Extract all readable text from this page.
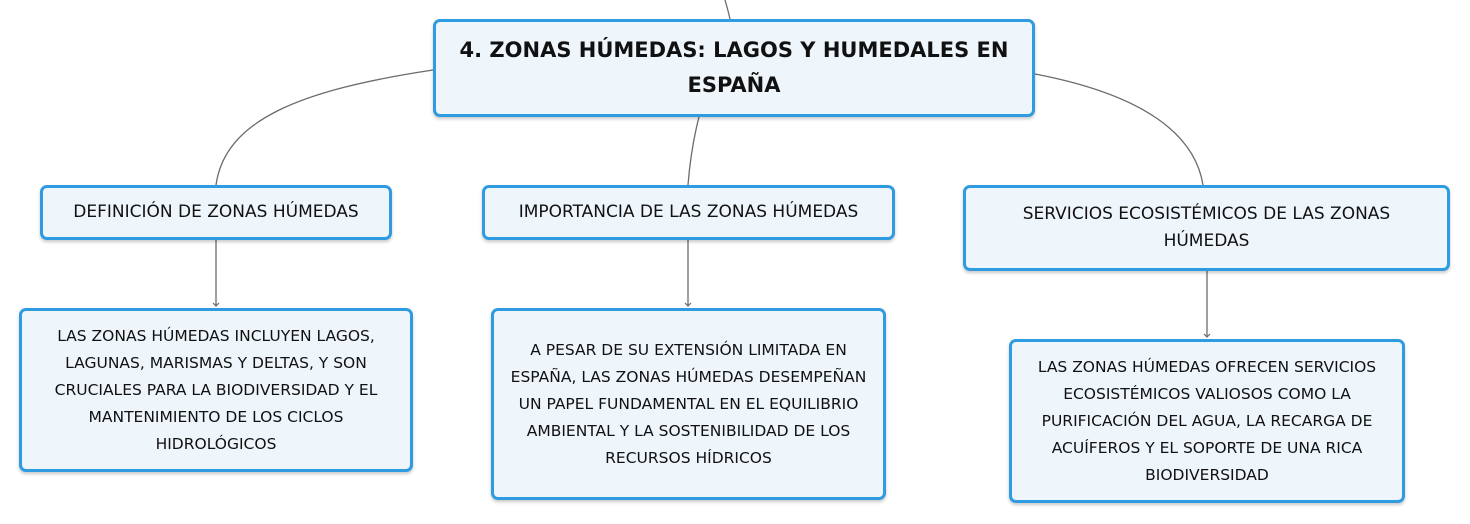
4. ZONAS HÚMEDAS: LAGOS Y HUMEDALES EN ESPAÑA
DEFINICIÓN DE ZONAS HÚMEDAS	IMPORTANCIA DE LAS ZONAS HÚMEDAS	SERVICIOS ECOSISTÉMICOS DE LAS ZONAS HÚMEDAS
LAS ZONAS HÚMEDAS INCLUYEN LAGOS, LAGUNAS, MARISMAS Y DELTAS, Y SON CRUCIALES PARA LA BIODIVERSIDAD Y EL MANTENIMIENTO DE LOS CICLOS HIDROLÓGICOS
A PESAR DE SU EXTENSIÓN LIMITADA EN ESPAÑA, LAS ZONAS HÚMEDAS DESEMPEÑAN UN PAPEL FUNDAMENTAL EN EL EQUILIBRIO AMBIENTAL Y LA SOSTENIBILIDAD DE LOS RECURSOS HÍDRICOS
LAS ZONAS HÚMEDAS OFRECEN SERVICIOS ECOSISTÉMICOS VALIOSOS COMO LA PURIFICACIÓN DEL AGUA, LA RECARGA DE ACUÍFEROS Y EL SOPORTE DE UNA RICA BIODIVERSIDAD
